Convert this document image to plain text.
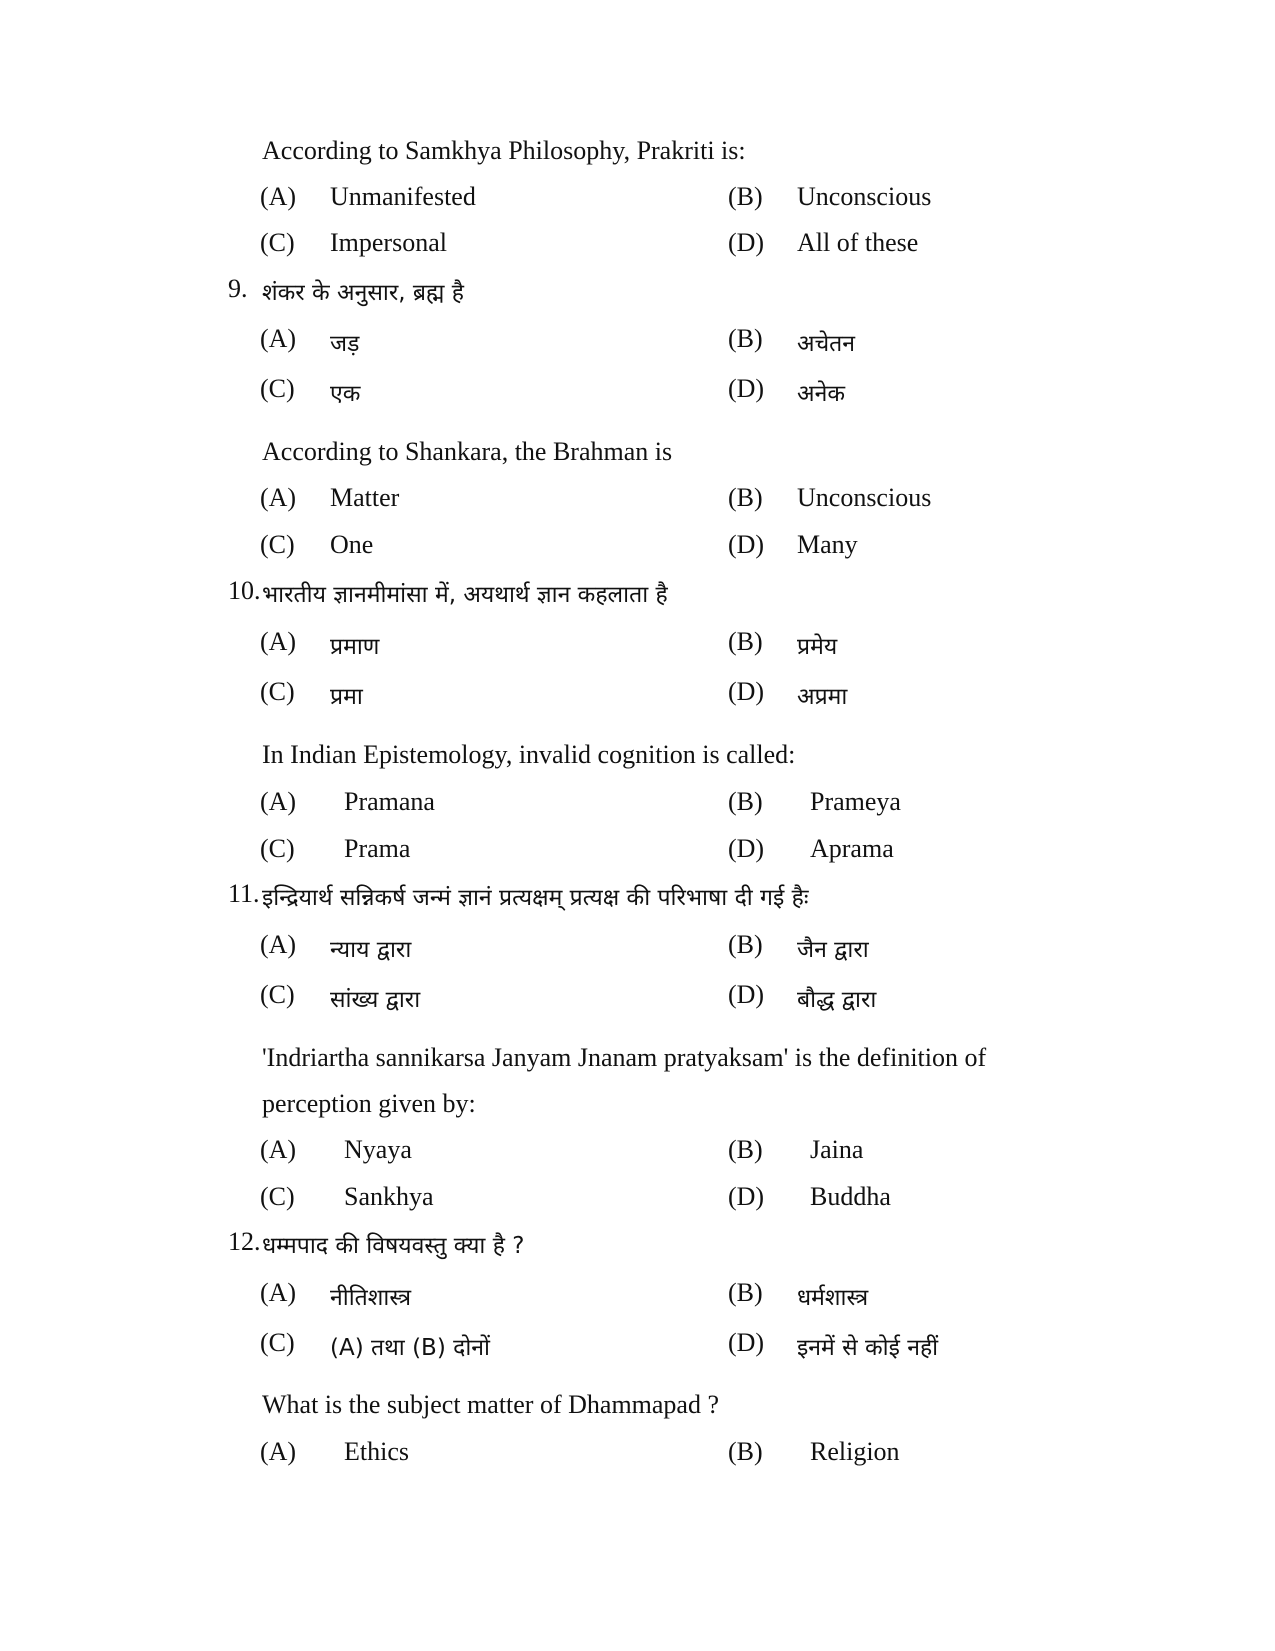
According to Samkhya Philosophy, Prakriti is:
(A) Unmanifested	(B) Unconscious
(C) Impersonal	(D) All of these
9. शंकर के अनुसार, ब्रह्म है
(A) जड़	(B) अचेतन
(C) एक	(D) अनेक
According to Shankara, the Brahman is
(A) Matter	(B) Unconscious
(C) One	(D) Many
10. भारतीय ज्ञानमीमांसा में, अयथार्थ ज्ञान कहलाता है
(A) प्रमाण	(B) प्रमेय
(C) प्रमा	(D) अप्रमा
In Indian Epistemology, invalid cognition is called:
(A) Pramana	(B) Prameya
(C) Prama	(D) Aprama
11. इन्द्रियार्थ सन्निकर्ष जन्मं ज्ञानं प्रत्यक्षम् प्रत्यक्ष की परिभाषा दी गई हैः
(A) न्याय द्वारा	(B) जैन द्वारा
(C) सांख्य द्वारा	(D) बौद्ध द्वारा
'Indriartha sannikarsa Janyam Jnanam pratyaksam' is the definition of
perception given by:
(A) Nyaya	(B) Jaina
(C) Sankhya	(D) Buddha
12. धम्मपाद की विषयवस्तु क्या है ?
(A) नीतिशास्त्र	(B) धर्मशास्त्र
(C) (A) तथा (B) दोनों	(D) इनमें से कोई नहीं
What is the subject matter of Dhammapad ?
(A) Ethics	(B) Religion
